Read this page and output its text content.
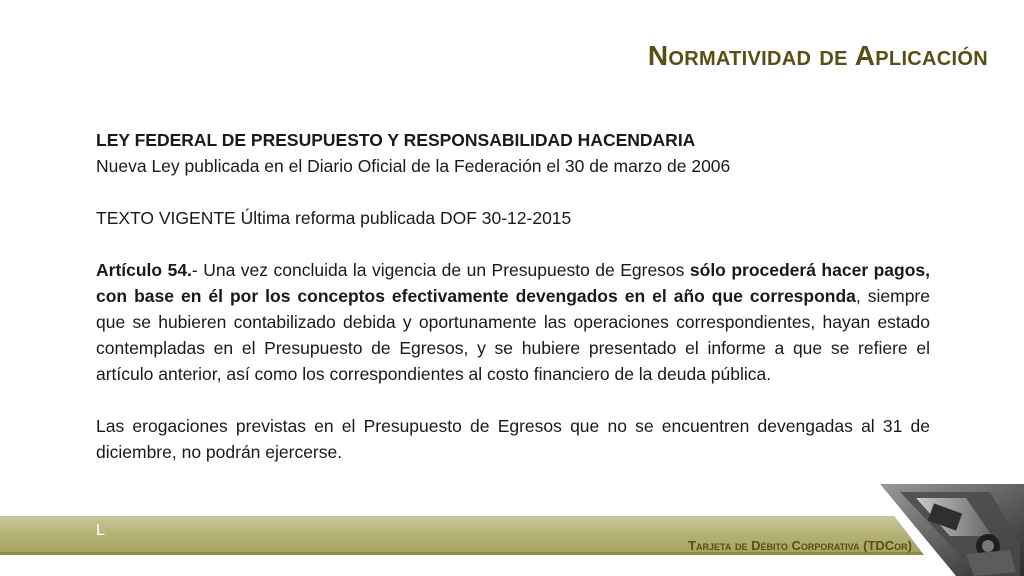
Normatividad de Aplicación

LEY FEDERAL DE PRESUPUESTO Y RESPONSABILIDAD HACENDARIA

Nueva Ley publicada en el Diario Oficial de la Federación el 30 de marzo de 2006

TEXTO VIGENTE Última reforma publicada DOF 30-12-2015

Artículo 54.- Una vez concluida la vigencia de un Presupuesto de Egresos sólo procederá hacer pagos, con base en él por los conceptos efectivamente devengados en el año que corresponda, siempre que se hubieren contabilizado debida y oportunamente las operaciones correspondientes, hayan estado contempladas en el Presupuesto de Egresos, y se hubiere presentado el informe a que se refiere el artículo anterior, así como los correspondientes al costo financiero de la deuda pública.

Las erogaciones previstas en el Presupuesto de Egresos que no se encuentren devengadas al 31 de diciembre, no podrán ejercerse.

L
Tarjeta de Débito Corporativa (TDCor)
